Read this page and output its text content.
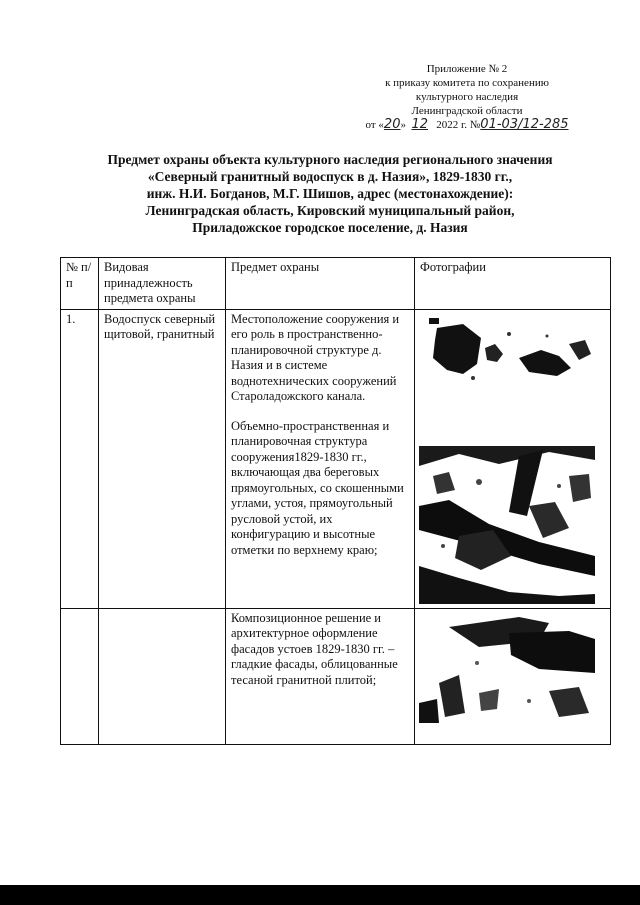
Приложение № 2
к приказу комитета по сохранению
культурного наследия
Ленинградской области
от «20» 12 2022 г. №01-03/12-285
Предмет охраны объекта культурного наследия регионального значения
«Северный гранитный водоспуск в д. Назия», 1829-1830 гг.,
инж. Н.И. Богданов, М.Г. Шишов, адрес (местонахождение):
Ленинградская область, Кировский муниципальный район,
Приладожское городское поселение, д. Назия
№ п/п	Видовая принадлежность предмета охраны	Предмет охраны	Фотографии
1.	Водоспуск северный щитовой, гранитный	Местоположение сооружения и его роль в пространственно-планировочной структуре д. Назия и в системе воднотехнических сооружений Староладожского канала.
Объемно-пространственная и планировочная структура сооружения1829-1830 гг., включающая два береговых прямоугольных, со скошенными углами, устоя, прямоугольный русловой устой, их конфигурацию и высотные отметки по верхнему краю;

		Композиционное решение и архитектурное оформление фасадов устоев 1829-1830 гг. – гладкие фасады, облицованные тесаной гранитной плитой;	
